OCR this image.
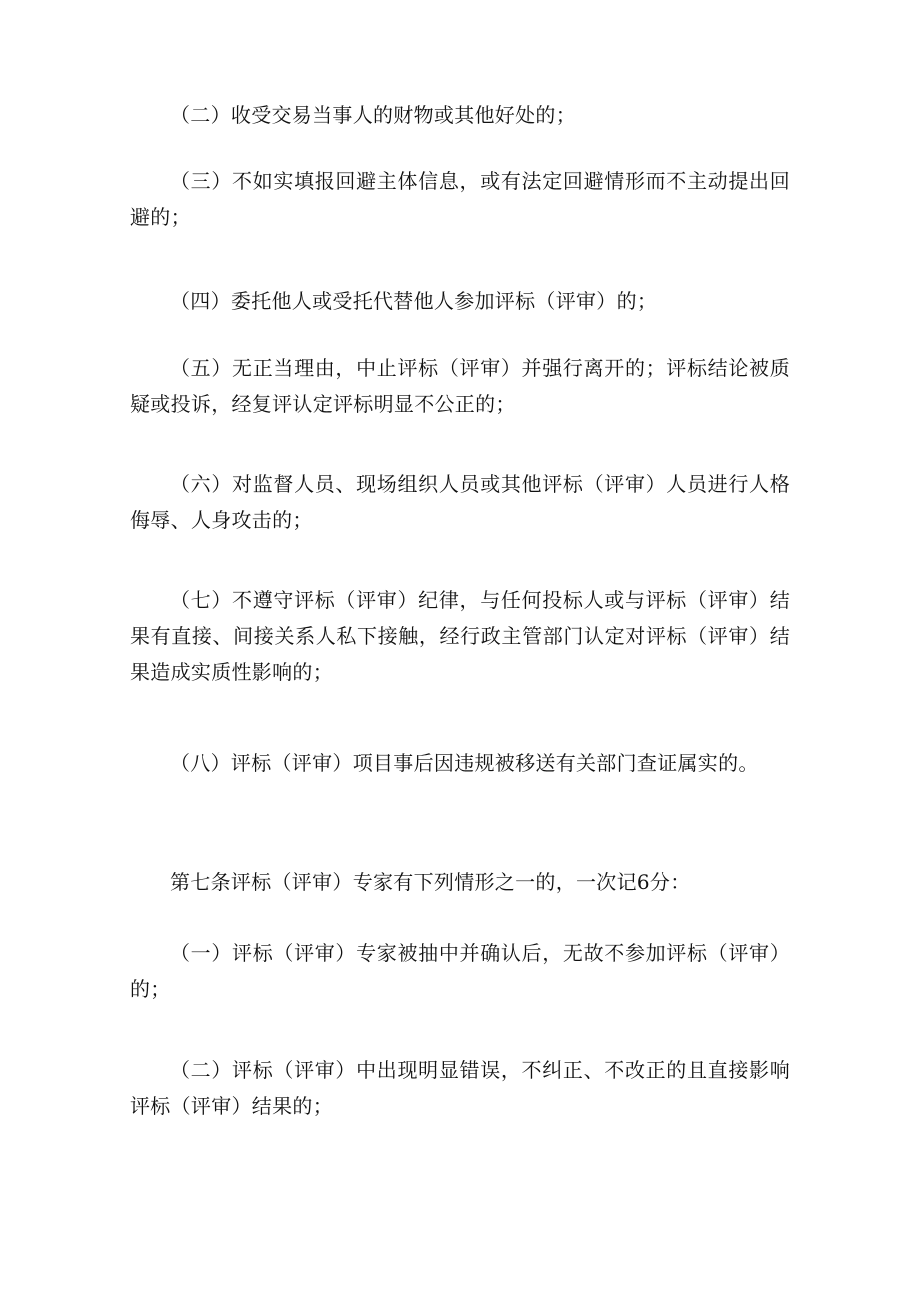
（二）收受交易当事人的财物或其他好处的；

（三）不如实填报回避主体信息，或有法定回避情形而不主动提出回避的；

（四）委托他人或受托代替他人参加评标（评审）的；

（五）无正当理由，中止评标（评审）并强行离开的；评标结论被质疑或投诉，经复评认定评标明显不公正的；

（六）对监督人员、现场组织人员或其他评标（评审）人员进行人格侮辱、人身攻击的；

（七）不遵守评标（评审）纪律，与任何投标人或与评标（评审）结果有直接、间接关系人私下接触，经行政主管部门认定对评标（评审）结果造成实质性影响的；

（八）评标（评审）项目事后因违规被移送有关部门查证属实的。

第七条评标（评审）专家有下列情形之一的，一次记6分：

（一）评标（评审）专家被抽中并确认后，无故不参加评标（评审）的；

（二）评标（评审）中出现明显错误，不纠正、不改正的且直接影响评标（评审）结果的；
